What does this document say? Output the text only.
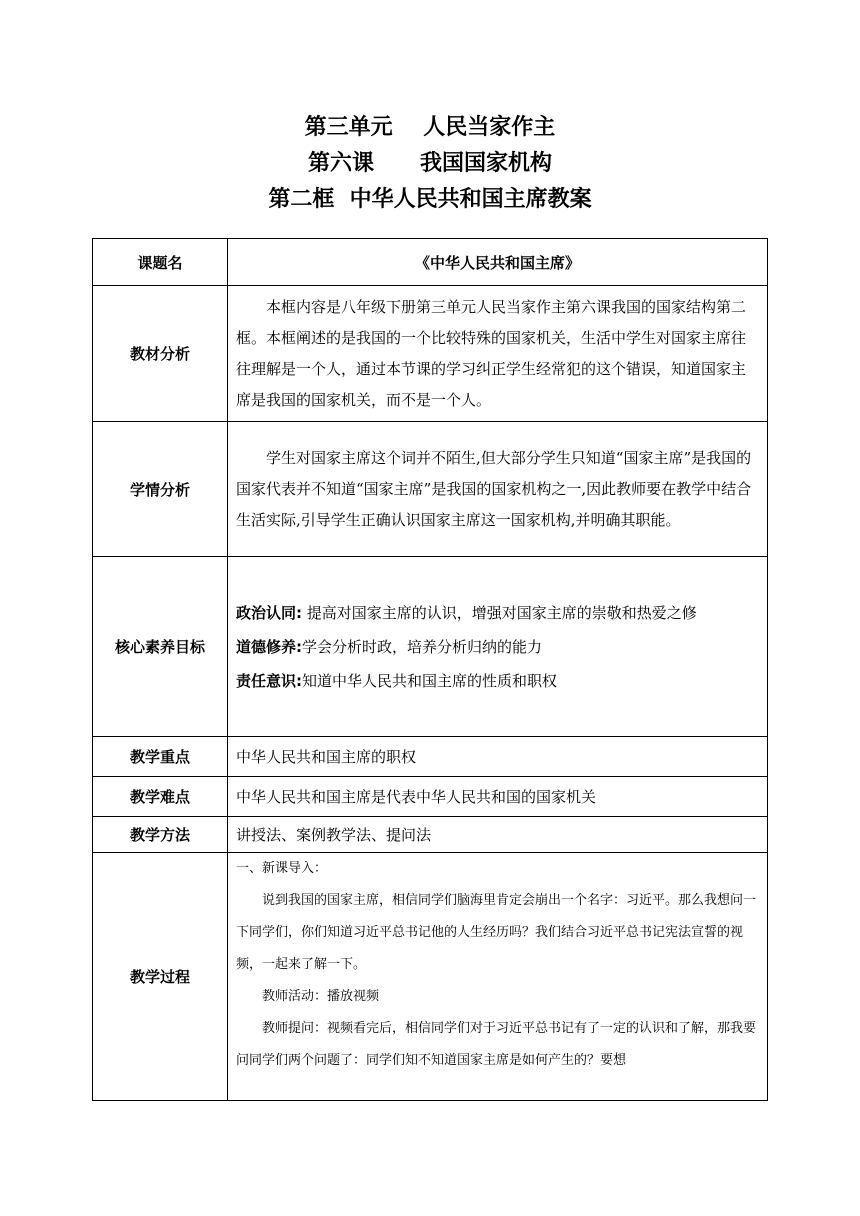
第三单元    人民当家作主
第六课      我国国家机构
第二框  中华人民共和国主席教案
课题名	《中华人民共和国主席》
教材分析	本框内容是八年级下册第三单元人民当家作主第六课我国的国家结构第二框。本框阐述的是我国的一个比较特殊的国家机关，生活中学生对国家主席往往理解是一个人，通过本节课的学习纠正学生经常犯的这个错误，知道国家主席是我国的国家机关，而不是一个人。

学情分析	学生对国家主席这个词并不陌生,但大部分学生只知道“国家主席”是我国的国家代表并不知道“国家主席”是我国的国家机构之一,因此教师要在教学中结合生活实际,引导学生正确认识国家主席这一国家机构,并明确其职能。

核心素养目标	政治认同: 提高对国家主席的认识，增强对国家主席的崇敬和热爱之修
道德修养:学会分析时政，培养分析归纳的能力
责任意识:知道中华人民共和国主席的性质和职权

教学重点	中华人民共和国主席的职权
教学难点	中华人民共和国主席是代表中华人民共和国的国家机关
教学方法	讲授法、案例教学法、提问法
教学过程	一、新课导入：
说到我国的国家主席，相信同学们脑海里肯定会崩出一个名字：习近平。那么我想问一下同学们，你们知道习近平总书记他的人生经历吗？我们结合习近平总书记宪法宣誓的视频，一起来了解一下。
教师活动：播放视频
教师提问：视频看完后，相信同学们对于习近平总书记有了一定的认识和了解，那我要问同学们两个问题了：同学们知不知道国家主席是如何产生的？要想
